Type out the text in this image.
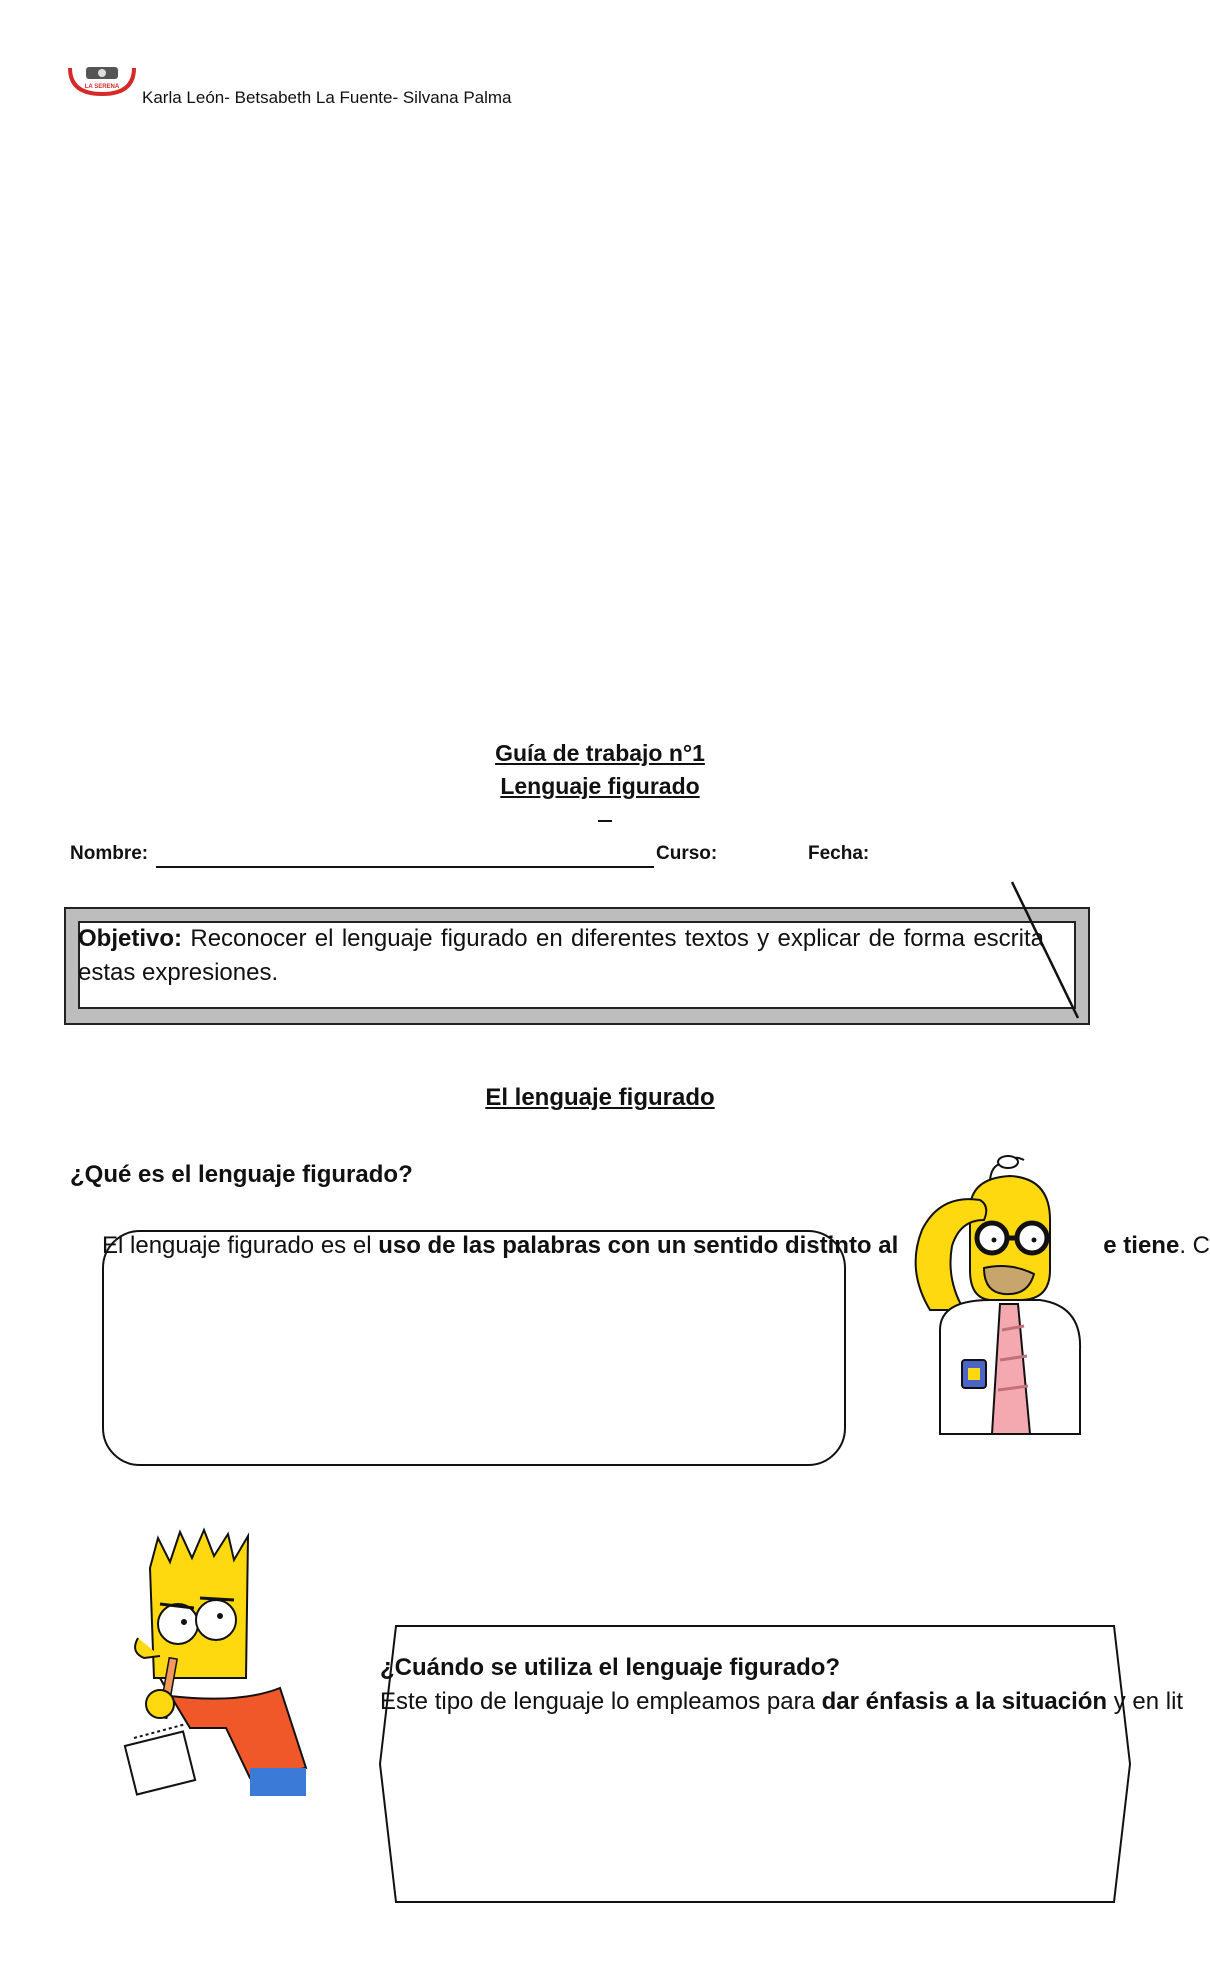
LA SERENA
Karla León- Betsabeth La Fuente- Silvana Palma
Guía de trabajo n°1
Lenguaje figurado
Nombre:	Curso:	Fecha:
Objetivo: Reconocer el lenguaje figurado en diferentes textos y explicar de forma escrita estas expresiones.
El lenguaje figurado
¿Qué es el lenguaje figurado?
El lenguaje figurado es el uso de las palabras con un sentido distinto al	e tiene. C
¿Cuándo se utiliza el lenguaje figurado?
Este tipo de lenguaje lo empleamos para dar énfasis a la situación y en lit
